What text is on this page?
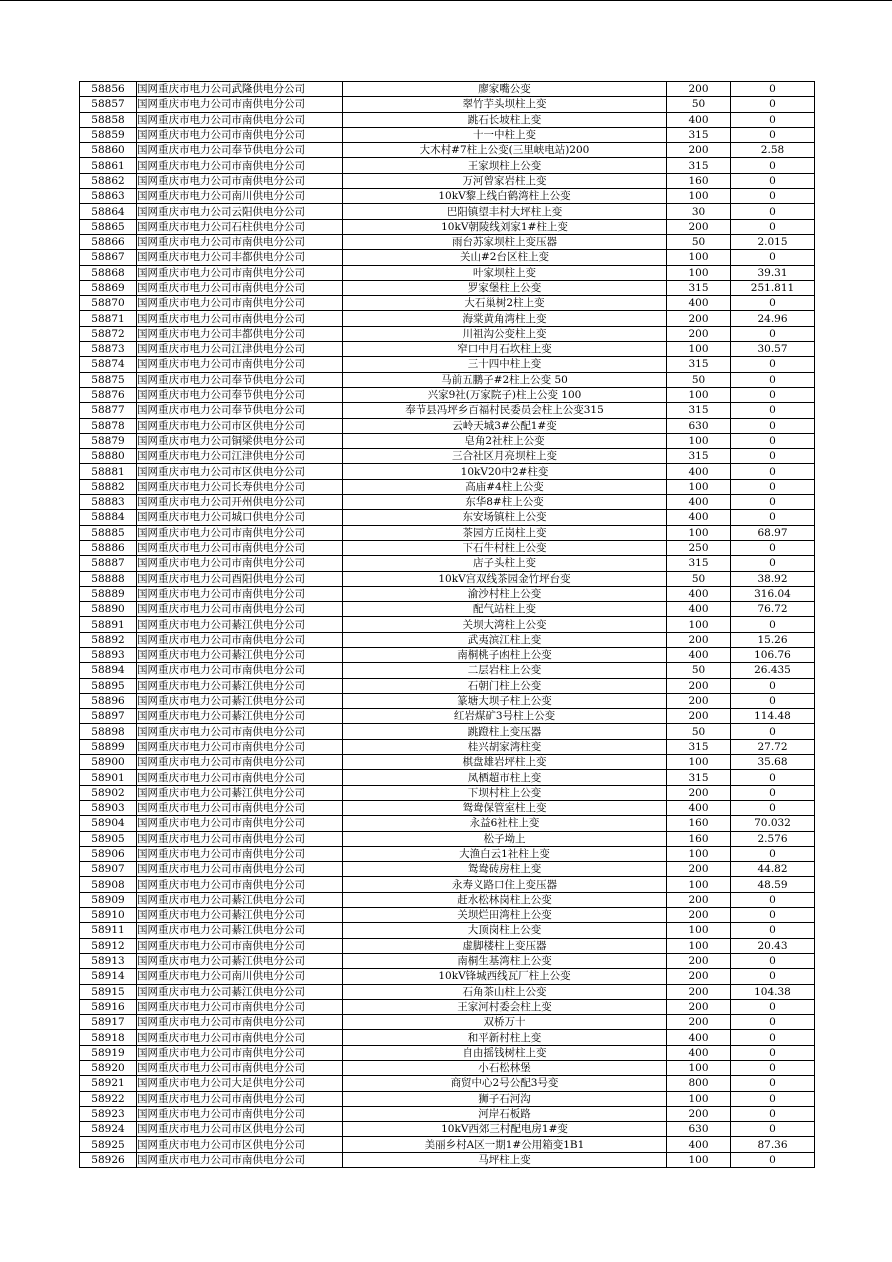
58856	国网重庆市电力公司武隆供电分公司	廖家嘴公变	200	0
58857	国网重庆市电力公司市南供电分公司	翠竹芋头坝柱上变	50	0
58858	国网重庆市电力公司市南供电分公司	跳石长坡柱上变	400	0
58859	国网重庆市电力公司市南供电分公司	十一中柱上变	315	0
58860	国网重庆市电力公司奉节供电分公司	大木村#7柱上公变(三里峡电站)200	200	2.58
58861	国网重庆市电力公司市南供电分公司	王家坝柱上公变	315	0
58862	国网重庆市电力公司市南供电分公司	万河曾家岩柱上变	160	0
58863	国网重庆市电力公司南川供电分公司	10kV黎上线白鹤湾柱上公变	100	0
58864	国网重庆市电力公司云阳供电分公司	巴阳镇望丰村大坪柱上变	30	0
58865	国网重庆市电力公司石柱供电分公司	10kV朝陵线刘家1#柱上变	200	0
58866	国网重庆市电力公司市南供电分公司	雨台苏家坝柱上变压器	50	2.015
58867	国网重庆市电力公司丰都供电分公司	关山#2台区柱上变	100	0
58868	国网重庆市电力公司市南供电分公司	叶家坝柱上变	100	39.31
58869	国网重庆市电力公司市南供电分公司	罗家堡柱上公变	315	251.811
58870	国网重庆市电力公司市南供电分公司	大石巢树2柱上变	400	0
58871	国网重庆市电力公司市南供电分公司	海棠黄角湾柱上变	200	24.96
58872	国网重庆市电力公司丰都供电分公司	川祖沟公变柱上变	200	0
58873	国网重庆市电力公司江津供电分公司	窄口中月石坎柱上变	100	30.57
58874	国网重庆市电力公司市南供电分公司	三十四中柱上变	315	0
58875	国网重庆市电力公司奉节供电分公司	马前五鹏子#2柱上公变 50	50	0
58876	国网重庆市电力公司奉节供电分公司	兴家9社(万家院子)柱上公变 100	100	0
58877	国网重庆市电力公司奉节供电分公司	奉节县冯坪乡百福村民委员会柱上公变315	315	0
58878	国网重庆市电力公司市区供电分公司	云岭天城3#公配1#变	630	0
58879	国网重庆市电力公司铜梁供电分公司	皂角2社柱上公变	100	0
58880	国网重庆市电力公司江津供电分公司	三合社区月亮坝柱上变	315	0
58881	国网重庆市电力公司市区供电分公司	10kV20中2#柱变	400	0
58882	国网重庆市电力公司长寿供电分公司	高庙#4柱上公变	100	0
58883	国网重庆市电力公司开州供电分公司	东华8#柱上公变	400	0
58884	国网重庆市电力公司城口供电分公司	东安场镇柱上公变	400	0
58885	国网重庆市电力公司市南供电分公司	茶园方丘岗柱上变	100	68.97
58886	国网重庆市电力公司市南供电分公司	下石牛村柱上公变	250	0
58887	国网重庆市电力公司市南供电分公司	店子头柱上变	315	0
58888	国网重庆市电力公司酉阳供电分公司	10kV宫双线茶园金竹坪台变	50	38.92
58889	国网重庆市电力公司市南供电分公司	渝沙村柱上公变	400	316.04
58890	国网重庆市电力公司市南供电分公司	配气站柱上变	400	76.72
58891	国网重庆市电力公司綦江供电分公司	关坝大湾柱上公变	100	0
58892	国网重庆市电力公司市南供电分公司	武夷滨江柱上变	200	15.26
58893	国网重庆市电力公司綦江供电分公司	南桐桃子凼柱上公变	400	106.76
58894	国网重庆市电力公司市南供电分公司	二层岩柱上公变	50	26.435
58895	国网重庆市电力公司綦江供电分公司	石朝门柱上公变	200	0
58896	国网重庆市电力公司綦江供电分公司	篆塘大坝子柱上公变	200	0
58897	国网重庆市电力公司綦江供电分公司	红岩煤矿3号柱上公变	200	114.48
58898	国网重庆市电力公司市南供电分公司	跳蹬柱上变压器	50	0
58899	国网重庆市电力公司市南供电分公司	桂兴胡家湾柱变	315	27.72
58900	国网重庆市电力公司市南供电分公司	棋盘雄岩坪柱上变	100	35.68
58901	国网重庆市电力公司市南供电分公司	凤栖超市柱上变	315	0
58902	国网重庆市电力公司綦江供电分公司	下坝村柱上公变	200	0
58903	国网重庆市电力公司市南供电分公司	鸳鸯保管室柱上变	400	0
58904	国网重庆市电力公司市南供电分公司	永益6社柱上变	160	70.032
58905	国网重庆市电力公司市南供电分公司	松子坳上	160	2.576
58906	国网重庆市电力公司市南供电分公司	大渔白云1社柱上变	100	0
58907	国网重庆市电力公司市南供电分公司	鸳鸯砖房柱上变	200	44.82
58908	国网重庆市电力公司市南供电分公司	永寿义路口住上变压器	100	48.59
58909	国网重庆市电力公司綦江供电分公司	赶水松林岗柱上公变	200	0
58910	国网重庆市电力公司綦江供电分公司	关坝烂田湾柱上公变	200	0
58911	国网重庆市电力公司綦江供电分公司	大顶岗柱上公变	100	0
58912	国网重庆市电力公司市南供电分公司	虚脚楼柱上变压器	100	20.43
58913	国网重庆市电力公司綦江供电分公司	南桐生基湾柱上公变	200	0
58914	国网重庆市电力公司南川供电分公司	10kV锋城西线瓦厂柱上公变	200	0
58915	国网重庆市电力公司綦江供电分公司	石角茶山柱上公变	200	104.38
58916	国网重庆市电力公司市南供电分公司	王家河村委会柱上变	200	0
58917	国网重庆市电力公司市南供电分公司	双桥万十	200	0
58918	国网重庆市电力公司市南供电分公司	和平新村柱上变	400	0
58919	国网重庆市电力公司市南供电分公司	自由摇钱树柱上变	400	0
58920	国网重庆市电力公司市南供电分公司	小石松林堡	100	0
58921	国网重庆市电力公司大足供电分公司	商贸中心2号公配3号变	800	0
58922	国网重庆市电力公司市南供电分公司	狮子石河沟	100	0
58923	国网重庆市电力公司市南供电分公司	河岸石板路	200	0
58924	国网重庆市电力公司市区供电分公司	10kV西郊三村配电房1#变	630	0
58925	国网重庆市电力公司市区供电分公司	美丽乡村A区一期1#公用箱变1B1	400	87.36
58926	国网重庆市电力公司市南供电分公司	马坪柱上变	100	0
